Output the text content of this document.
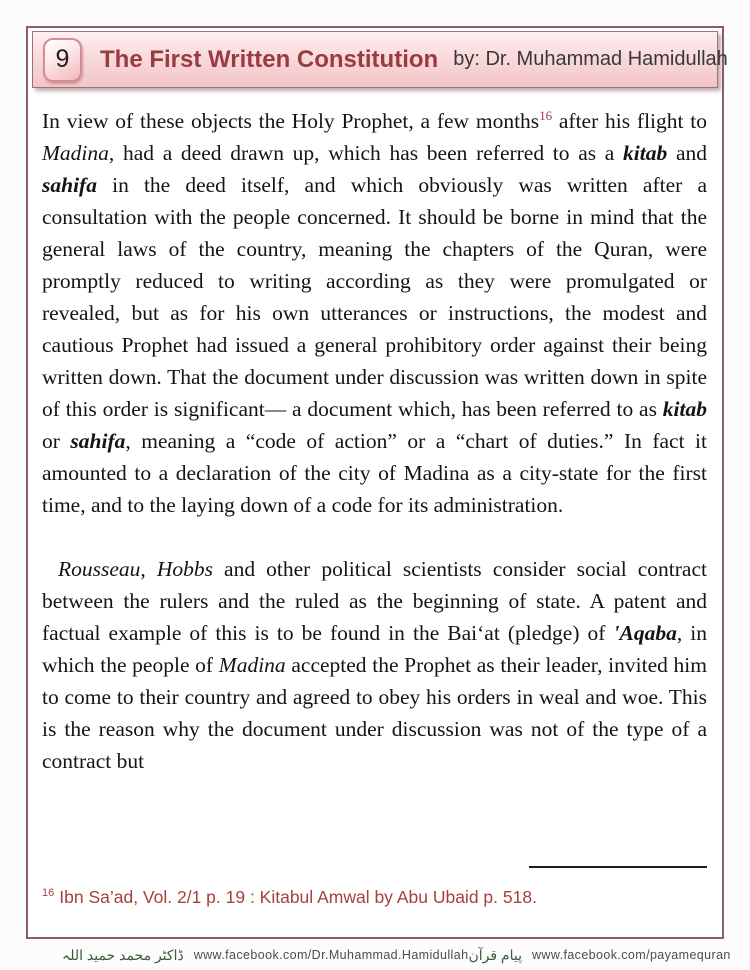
9 The First Written Constitution by: Dr. Muhammad Hamidullah

In view of these objects the Holy Prophet, a few months$^{16}$ after his flight to Madina, had a deed drawn up, which has been referred to as a kitab and sahifa in the deed itself, and which obviously was written after a consultation with the people concerned. It should be borne in mind that the general laws of the country, meaning the chapters of the Quran, were promptly reduced to writing according as they were promulgated or revealed, but as for his own utterances or instructions, the modest and cautious Prophet had issued a general prohibitory order against their being written down. That the document under discussion was written down in spite of this order is significant— a document which, has been referred to as kitab or sahifa, meaning a “code of action” or a “chart of duties.” In fact it amounted to a declaration of the city of Madina as a city-state for the first time, and to the laying down of a code for its administration.

Rousseau, Hobbs and other political scientists consider social contract between the rulers and the ruled as the beginning of state. A patent and factual example of this is to be found in the Bai‘at (pledge) of 'Aqaba, in which the people of Madina accepted the Prophet as their leader, invited him to come to their country and agreed to obey his orders in weal and woe. This is the reason why the document under discussion was not of the type of a contract but

$^{16}$ Ibn Sa’ad, Vol. 2/1 p. 19 : Kitabul Amwal by Abu Ubaid p. 518.
ڈاکٹر محمد حمید اللہ www.facebook.com/Dr.Muhammad.Hamidullah پیام قرآن www.facebook.com/payamequran
